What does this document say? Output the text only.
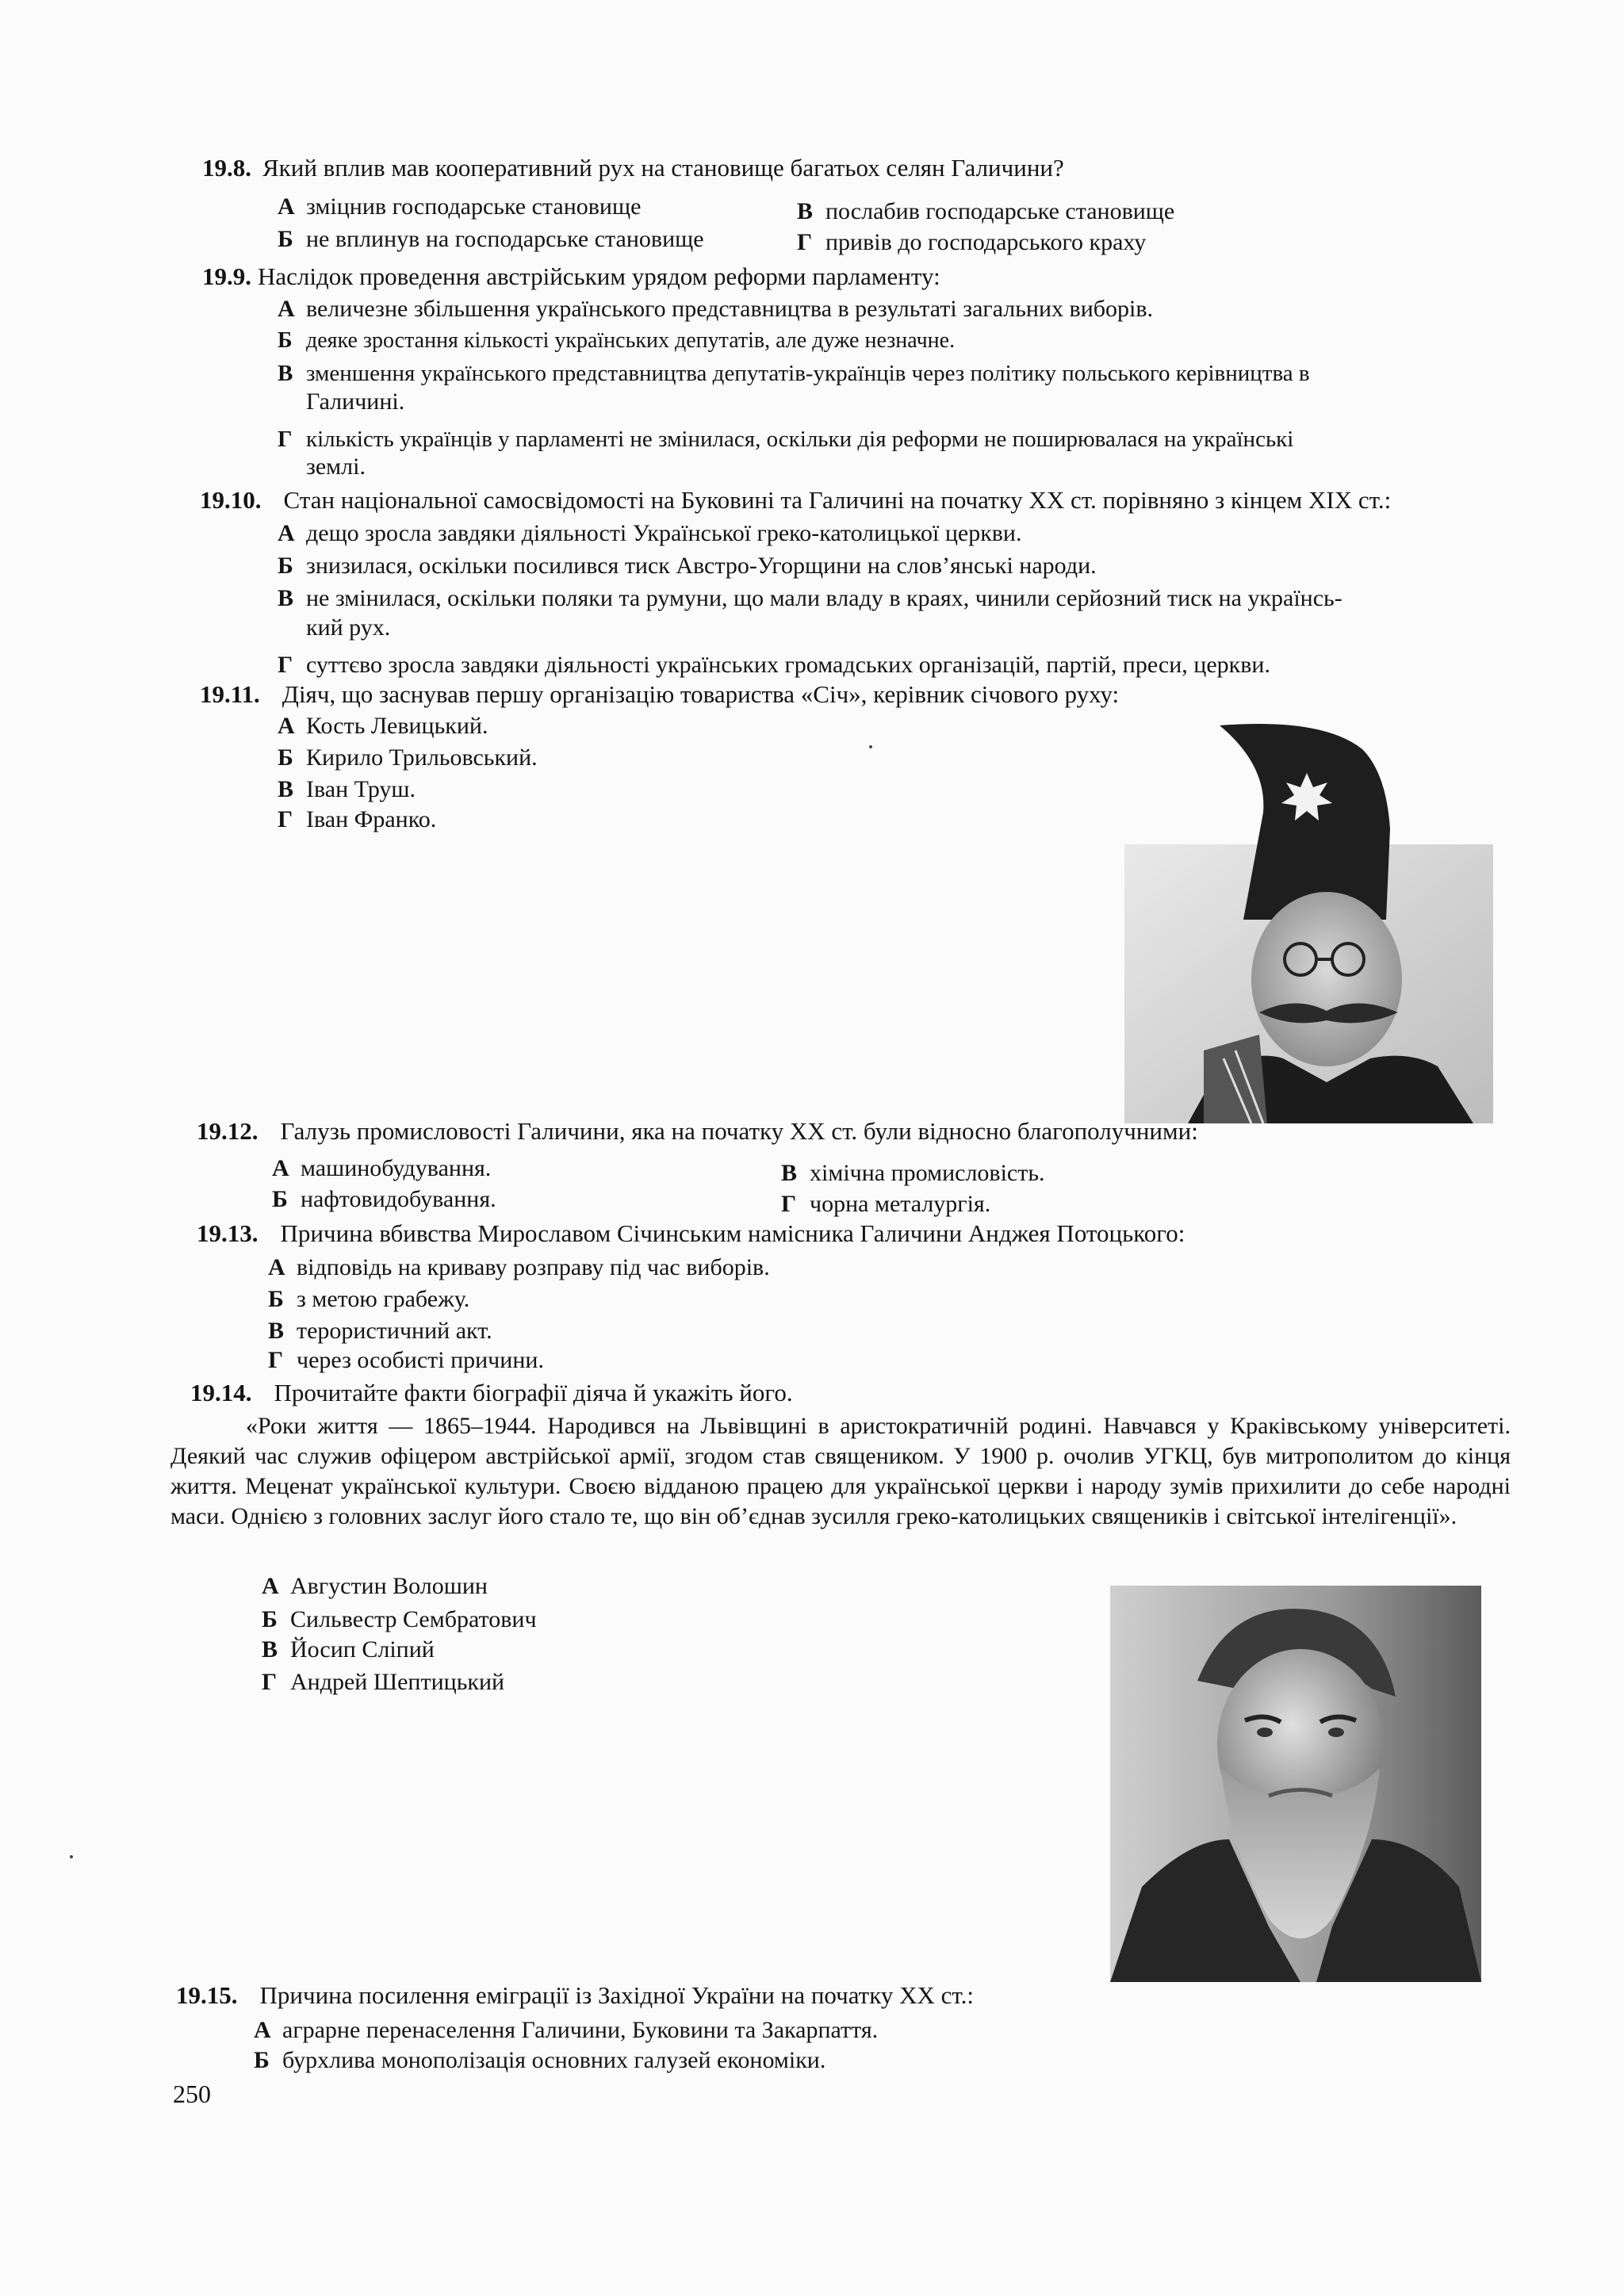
19.8. Який вплив мав кооперативний рух на становище багатьох селян Галичини?
А зміцнив господарське становище	В послабив господарське становище
Б не вплинув на господарське становище	Г привів до господарського краху
19.9. Наслідок проведення австрійським урядом реформи парламенту:
А величезне збільшення українського представництва в результаті загальних виборів.
Б деяке зростання кількості українських депутатів, але дуже незначне.
В зменшення українського представництва депутатів-українців через політику польського керівництва в
Галичині.
Г кількість українців у парламенті не змінилася, оскільки дія реформи не поширювалася на українські
землі.
19.10. Стан національної самосвідомості на Буковині та Галичині на початку XX ст. порівняно з кінцем XIX ст.:
А дещо зросла завдяки діяльності Української греко-католицької церкви.
Б знизилася, оскільки посилився тиск Австро-Угорщини на слов’янські народи.
В не змінилася, оскільки поляки та румуни, що мали владу в краях, чинили серйозний тиск на українсь-
кий рух.
Г суттєво зросла завдяки діяльності українських громадських організацій, партій, преси, церкви.
19.11. Діяч, що заснував першу організацію товариства «Січ», керівник січового руху:
А Кость Левицький.
Б Кирило Трильовський.
В Іван Труш.
Г Іван Франко.
19.12. Галузь промисловості Галичини, яка на початку XX ст. були відносно благополучними:
А машинобудування.	В хімічна промисловість.
Б нафтовидобування.	Г чорна металургія.
19.13. Причина вбивства Мирославом Січинським намісника Галичини Анджея Потоцького:
А відповідь на криваву розправу під час виборів.
Б з метою грабежу.
В терористичний акт.
Г через особисті причини.
19.14. Прочитайте факти біографії діяча й укажіть його.
«Роки життя — 1865–1944. Народився на Львівщині в аристократичній родині. Навчався у Краківському університеті. Деякий час служив офіцером австрійської армії, згодом став священиком. У 1900 р. очолив УГКЦ, був митрополитом до кінця життя. Меценат української культури. Своєю відданою працею для української церкви і народу зумів прихилити до себе народні маси. Однією з головних заслуг його стало те, що він об’єднав зусилля греко-католицьких священиків і світської інтелігенції».
А Августин Волошин
Б Сильвестр Сембратович
В Йосип Сліпий
Г Андрей Шептицький
19.15. Причина посилення еміграції із Західної України на початку XX ст.:
А аграрне перенаселення Галичини, Буковини та Закарпаття.
Б бурхлива монополізація основних галузей економіки.
250
